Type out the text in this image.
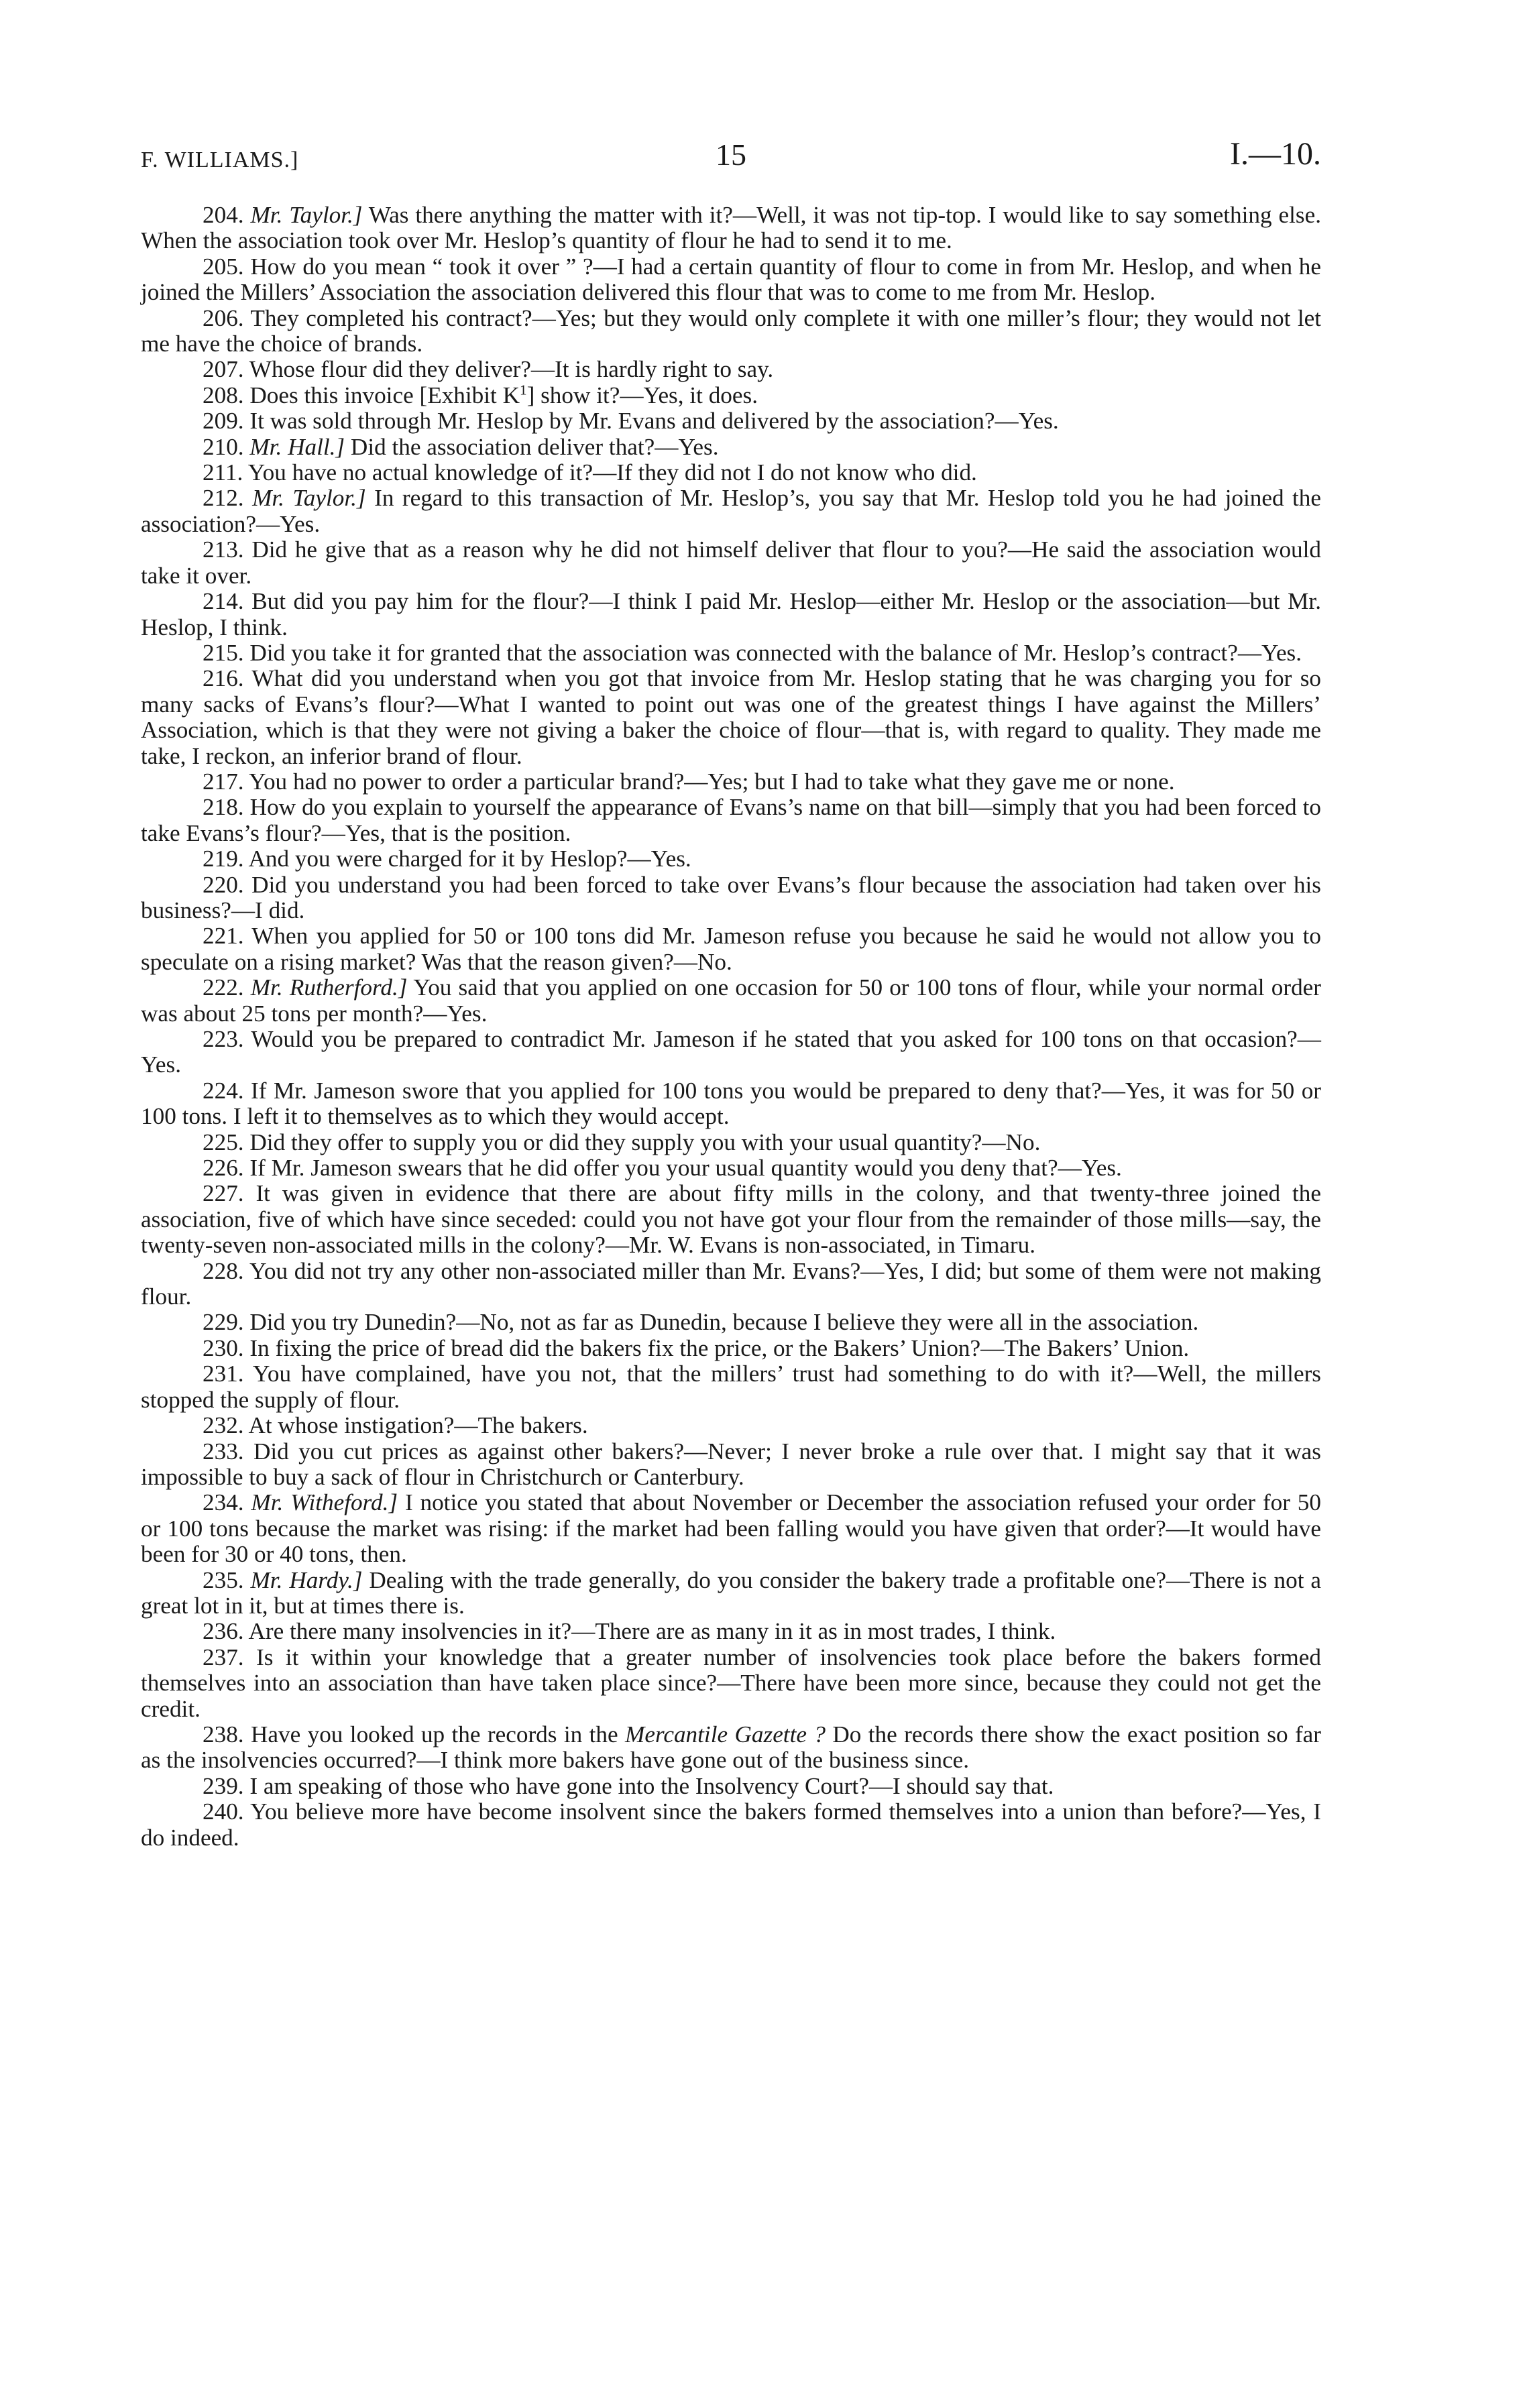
F. WILLIAMS.]	15	I.—10.

204. Mr. Taylor.] Was there anything the matter with it?—Well, it was not tip-top. I would like to say something else. When the association took over Mr. Heslop’s quantity of flour he had to send it to me.

205. How do you mean “ took it over ” ?—I had a certain quantity of flour to come in from Mr. Heslop, and when he joined the Millers’ Association the association delivered this flour that was to come to me from Mr. Heslop.

206. They completed his contract?—Yes; but they would only complete it with one miller’s flour; they would not let me have the choice of brands.

207. Whose flour did they deliver?—It is hardly right to say.

208. Does this invoice [Exhibit $K^1$] show it?—Yes, it does.

209. It was sold through Mr. Heslop by Mr. Evans and delivered by the association?—Yes.

210. Mr. Hall.] Did the association deliver that?—Yes.

211. You have no actual knowledge of it?—If they did not I do not know who did.

212. Mr. Taylor.] In regard to this transaction of Mr. Heslop’s, you say that Mr. Heslop told you he had joined the association?—Yes.

213. Did he give that as a reason why he did not himself deliver that flour to you?—He said the association would take it over.

214. But did you pay him for the flour?—I think I paid Mr. Heslop—either Mr. Heslop or the association—but Mr. Heslop, I think.

215. Did you take it for granted that the association was connected with the balance of Mr. Heslop’s contract?—Yes.

216. What did you understand when you got that invoice from Mr. Heslop stating that he was charging you for so many sacks of Evans’s flour?—What I wanted to point out was one of the greatest things I have against the Millers’ Association, which is that they were not giving a baker the choice of flour—that is, with regard to quality. They made me take, I reckon, an inferior brand of flour.

217. You had no power to order a particular brand?—Yes; but I had to take what they gave me or none.

218. How do you explain to yourself the appearance of Evans’s name on that bill—simply that you had been forced to take Evans’s flour?—Yes, that is the position.

219. And you were charged for it by Heslop?—Yes.

220. Did you understand you had been forced to take over Evans’s flour because the association had taken over his business?—I did.

221. When you applied for 50 or 100 tons did Mr. Jameson refuse you because he said he would not allow you to speculate on a rising market? Was that the reason given?—No.

222. Mr. Rutherford.] You said that you applied on one occasion for 50 or 100 tons of flour, while your normal order was about 25 tons per month?—Yes.

223. Would you be prepared to contradict Mr. Jameson if he stated that you asked for 100 tons on that occasion?—Yes.

224. If Mr. Jameson swore that you applied for 100 tons you would be prepared to deny that?—Yes, it was for 50 or 100 tons. I left it to themselves as to which they would accept.

225. Did they offer to supply you or did they supply you with your usual quantity?—No.

226. If Mr. Jameson swears that he did offer you your usual quantity would you deny that?—Yes.

227. It was given in evidence that there are about fifty mills in the colony, and that twenty-three joined the association, five of which have since seceded: could you not have got your flour from the remainder of those mills—say, the twenty-seven non-associated mills in the colony?—Mr. W. Evans is non-associated, in Timaru.

228. You did not try any other non-associated miller than Mr. Evans?—Yes, I did; but some of them were not making flour.

229. Did you try Dunedin?—No, not as far as Dunedin, because I believe they were all in the association.

230. In fixing the price of bread did the bakers fix the price, or the Bakers’ Union?—The Bakers’ Union.

231. You have complained, have you not, that the millers’ trust had something to do with it?—Well, the millers stopped the supply of flour.

232. At whose instigation?—The bakers.

233. Did you cut prices as against other bakers?—Never; I never broke a rule over that. I might say that it was impossible to buy a sack of flour in Christchurch or Canterbury.

234. Mr. Witheford.] I notice you stated that about November or December the association refused your order for 50 or 100 tons because the market was rising: if the market had been falling would you have given that order?—It would have been for 30 or 40 tons, then.

235. Mr. Hardy.] Dealing with the trade generally, do you consider the bakery trade a profitable one?—There is not a great lot in it, but at times there is.

236. Are there many insolvencies in it?—There are as many in it as in most trades, I think.

237. Is it within your knowledge that a greater number of insolvencies took place before the bakers formed themselves into an association than have taken place since?—There have been more since, because they could not get the credit.

238. Have you looked up the records in the Mercantile Gazette ? Do the records there show the exact position so far as the insolvencies occurred?—I think more bakers have gone out of the business since.

239. I am speaking of those who have gone into the Insolvency Court?—I should say that.

240. You believe more have become insolvent since the bakers formed themselves into a union than before?—Yes, I do indeed.
